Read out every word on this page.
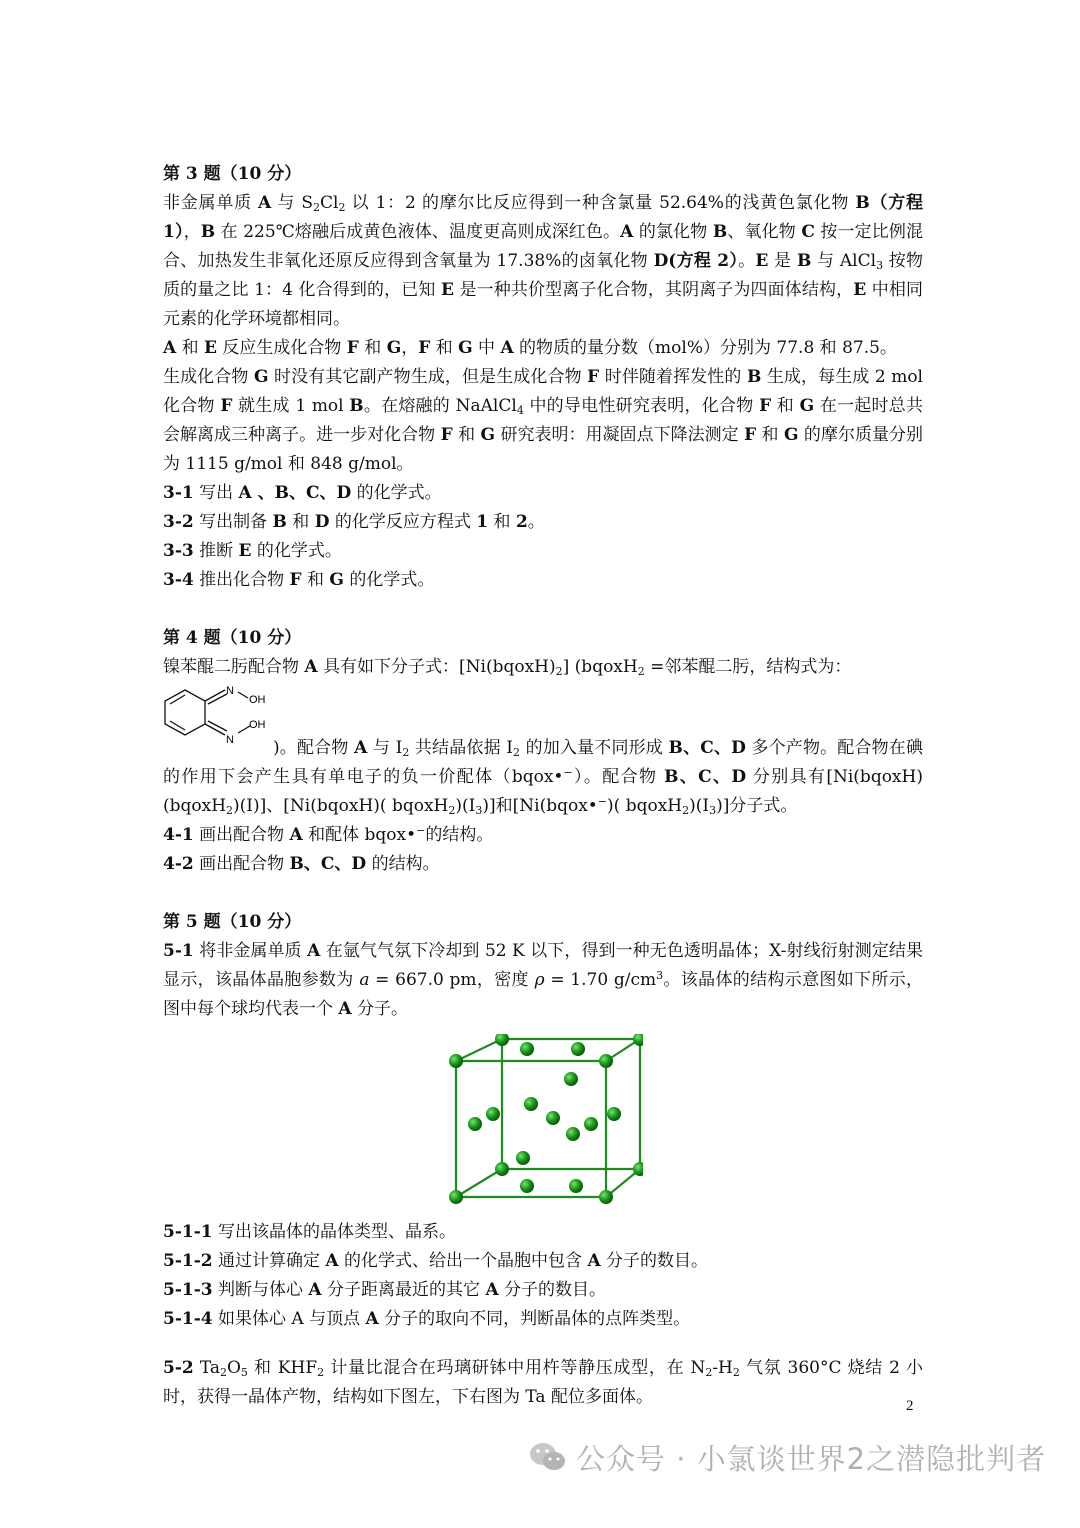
第 3 题（10 分）

非金属单质 A 与 $S_2Cl_2$ 以 1：2 的摩尔比反应得到一种含氯量 52.64%的浅黄色氯化物 B（方程 1），B 在 225℃熔融后成黄色液体、温度更高则成深红色。A 的氯化物 B、氧化物 C 按一定比例混合、加热发生非氧化还原反应得到含氧量为 17.38%的卤氧化物 D(方程 2）。E 是 B 与 AlCl$_3$ 按物质的量之比 1：4 化合得到的，已知 E 是一种共价型离子化合物，其阴离子为四面体结构，E 中相同元素的化学环境都相同。

A 和 E 反应生成化合物 F 和 G，F 和 G 中 A 的物质的量分数（mol%）分别为 77.8 和 87.5。

生成化合物 G 时没有其它副产物生成，但是生成化合物 F 时伴随着挥发性的 B 生成，每生成 2 mol 化合物 F 就生成 1 mol B。在熔融的 NaAlCl$_4$ 中的导电性研究表明，化合物 F 和 G 在一起时总共会解离成三种离子。进一步对化合物 F 和 G 研究表明：用凝固点下降法测定 F 和 G 的摩尔质量分别为 1115 g/mol 和 848 g/mol。

3-1 写出 A 、B、C、D 的化学式。

3-2 写出制备 B 和 D 的化学反应方程式 1 和 2。

3-3 推断 E 的化学式。

3-4 推出化合物 F 和 G 的化学式。

第 4 题（10 分）

镍苯醌二肟配合物 A 具有如下分子式：$[Ni(bqoxH)_2]$ (bqoxH$_2$ =邻苯醌二肟，结构式为：

N
OH
N
OH

)。配合物 A 与 $I_2$ 共结晶依据 $I_2$ 的加入量不同形成 B、C、D 多个产物。配合物在碘的作用下会产生具有单电子的负一价配体（bqox•−）。配合物 B、C、D 分别具有[Ni(bqoxH)(bqoxH$_2$)(I)]、[Ni(bqoxH)( $bqoxH_2)(I_3)$]和[Ni(bqox•−)( $bqoxH_2)(I_3)$]分子式。

4-1 画出配合物 A 和配体 bqox•−的结构。

4-2 画出配合物 B、C、D 的结构。

第 5 题（10 分）

5-1 将非金属单质 A 在氩气气氛下冷却到 52 K 以下，得到一种无色透明晶体；X-射线衍射测定结果显示，该晶体晶胞参数为 a = 667.0 pm，密度 ρ = 1.70 $g/cm^3$。该晶体的结构示意图如下所示，图中每个球均代表一个 A 分子。

5-1-1 写出该晶体的晶体类型、晶系。

5-1-2 通过计算确定 A 的化学式、给出一个晶胞中包含 A 分子的数目。

5-1-3 判断与体心 A 分子距离最近的其它 A 分子的数目。

5-1-4 如果体心 A 与顶点 A 分子的取向不同，判断晶体的点阵类型。

5-2 $Ta_2O_5$ 和 $KHF_2$ 计量比混合在玛璃研钵中用杵等静压成型，在 $N_2-H_2$ 气氛 360°C 烧结 2 小时，获得一晶体产物，结构如下图左，下右图为 Ta 配位多面体。	2
公众号 · 小氯谈世界2之潜隐批判者
